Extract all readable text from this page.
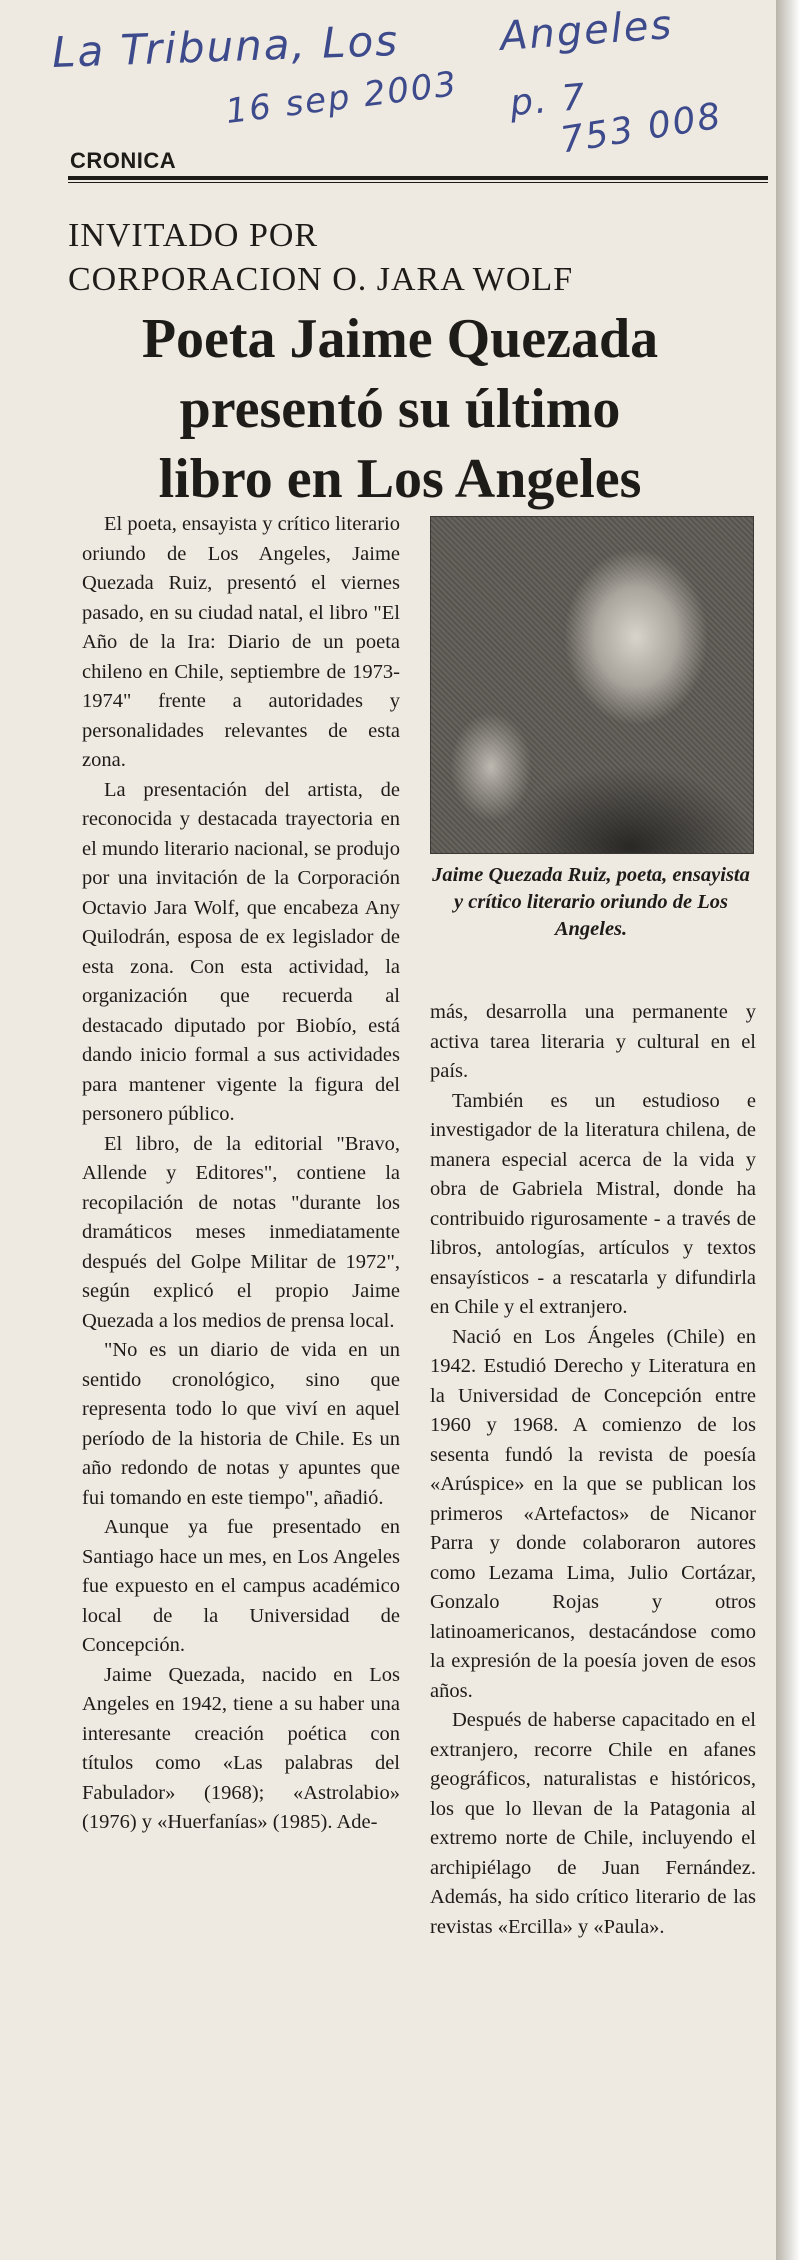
La Tribuna, Los Angeles
16 sep 2003 p. 7
753 008
CRONICA
INVITADO POR
CORPORACION O. JARA WOLF
Poeta Jaime Quezada
presentó su último
libro en Los Angeles

El poeta, ensayista y crítico literario oriundo de Los Angeles, Jaime Quezada Ruiz, presentó el viernes pasado, en su ciudad natal, el libro "El Año de la Ira: Diario de un poeta chileno en Chile, septiembre de 1973-1974" frente a autoridades y personalidades relevantes de esta zona.

La presentación del artista, de reconocida y destacada trayectoria en el mundo literario nacional, se produjo por una invitación de la Corporación Octavio Jara Wolf, que encabeza Any Quilodrán, esposa de ex legislador de esta zona. Con esta actividad, la organización que recuerda al destacado diputado por Biobío, está dando inicio formal a sus actividades para mantener vigente la figura del personero público.

El libro, de la editorial "Bravo, Allende y Editores", contiene la recopilación de notas "durante los dramáticos meses inmediatamente después del Golpe Militar de 1972", según explicó el propio Jaime Quezada a los medios de prensa local.

"No es un diario de vida en un sentido cronológico, sino que representa todo lo que viví en aquel período de la historia de Chile. Es un año redondo de notas y apuntes que fui tomando en este tiempo", añadió.

Aunque ya fue presentado en Santiago hace un mes, en Los Angeles fue expuesto en el campus académico local de la Universidad de Concepción.

Jaime Quezada, nacido en Los Angeles en 1942, tiene a su haber una interesante creación poética con títulos como «Las palabras del Fabulador» (1968); «Astrolabio» (1976) y «Huerfanías» (1985). Ade-

Jaime Quezada Ruiz, poeta, ensayista y crítico literario oriundo de Los Angeles.

más, desarrolla una permanente y activa tarea literaria y cultural en el país.

También es un estudioso e investigador de la literatura chilena, de manera especial acerca de la vida y obra de Gabriela Mistral, donde ha contribuido rigurosamente - a través de libros, antologías, artículos y textos ensayísticos - a rescatarla y difundirla en Chile y el extranjero.

Nació en Los Ángeles (Chile) en 1942. Estudió Derecho y Literatura en la Universidad de Concepción entre 1960 y 1968. A comienzo de los sesenta fundó la revista de poesía «Arúspice» en la que se publican los primeros «Artefactos» de Nicanor Parra y donde colaboraron autores como Lezama Lima, Julio Cortázar, Gonzalo Rojas y otros latinoamericanos, destacándose como la expresión de la poesía joven de esos años.

Después de haberse capacitado en el extranjero, recorre Chile en afanes geográficos, naturalistas e históricos, los que lo llevan de la Patagonia al extremo norte de Chile, incluyendo el archipiélago de Juan Fernández. Además, ha sido crítico literario de las revistas «Ercilla» y «Paula».
